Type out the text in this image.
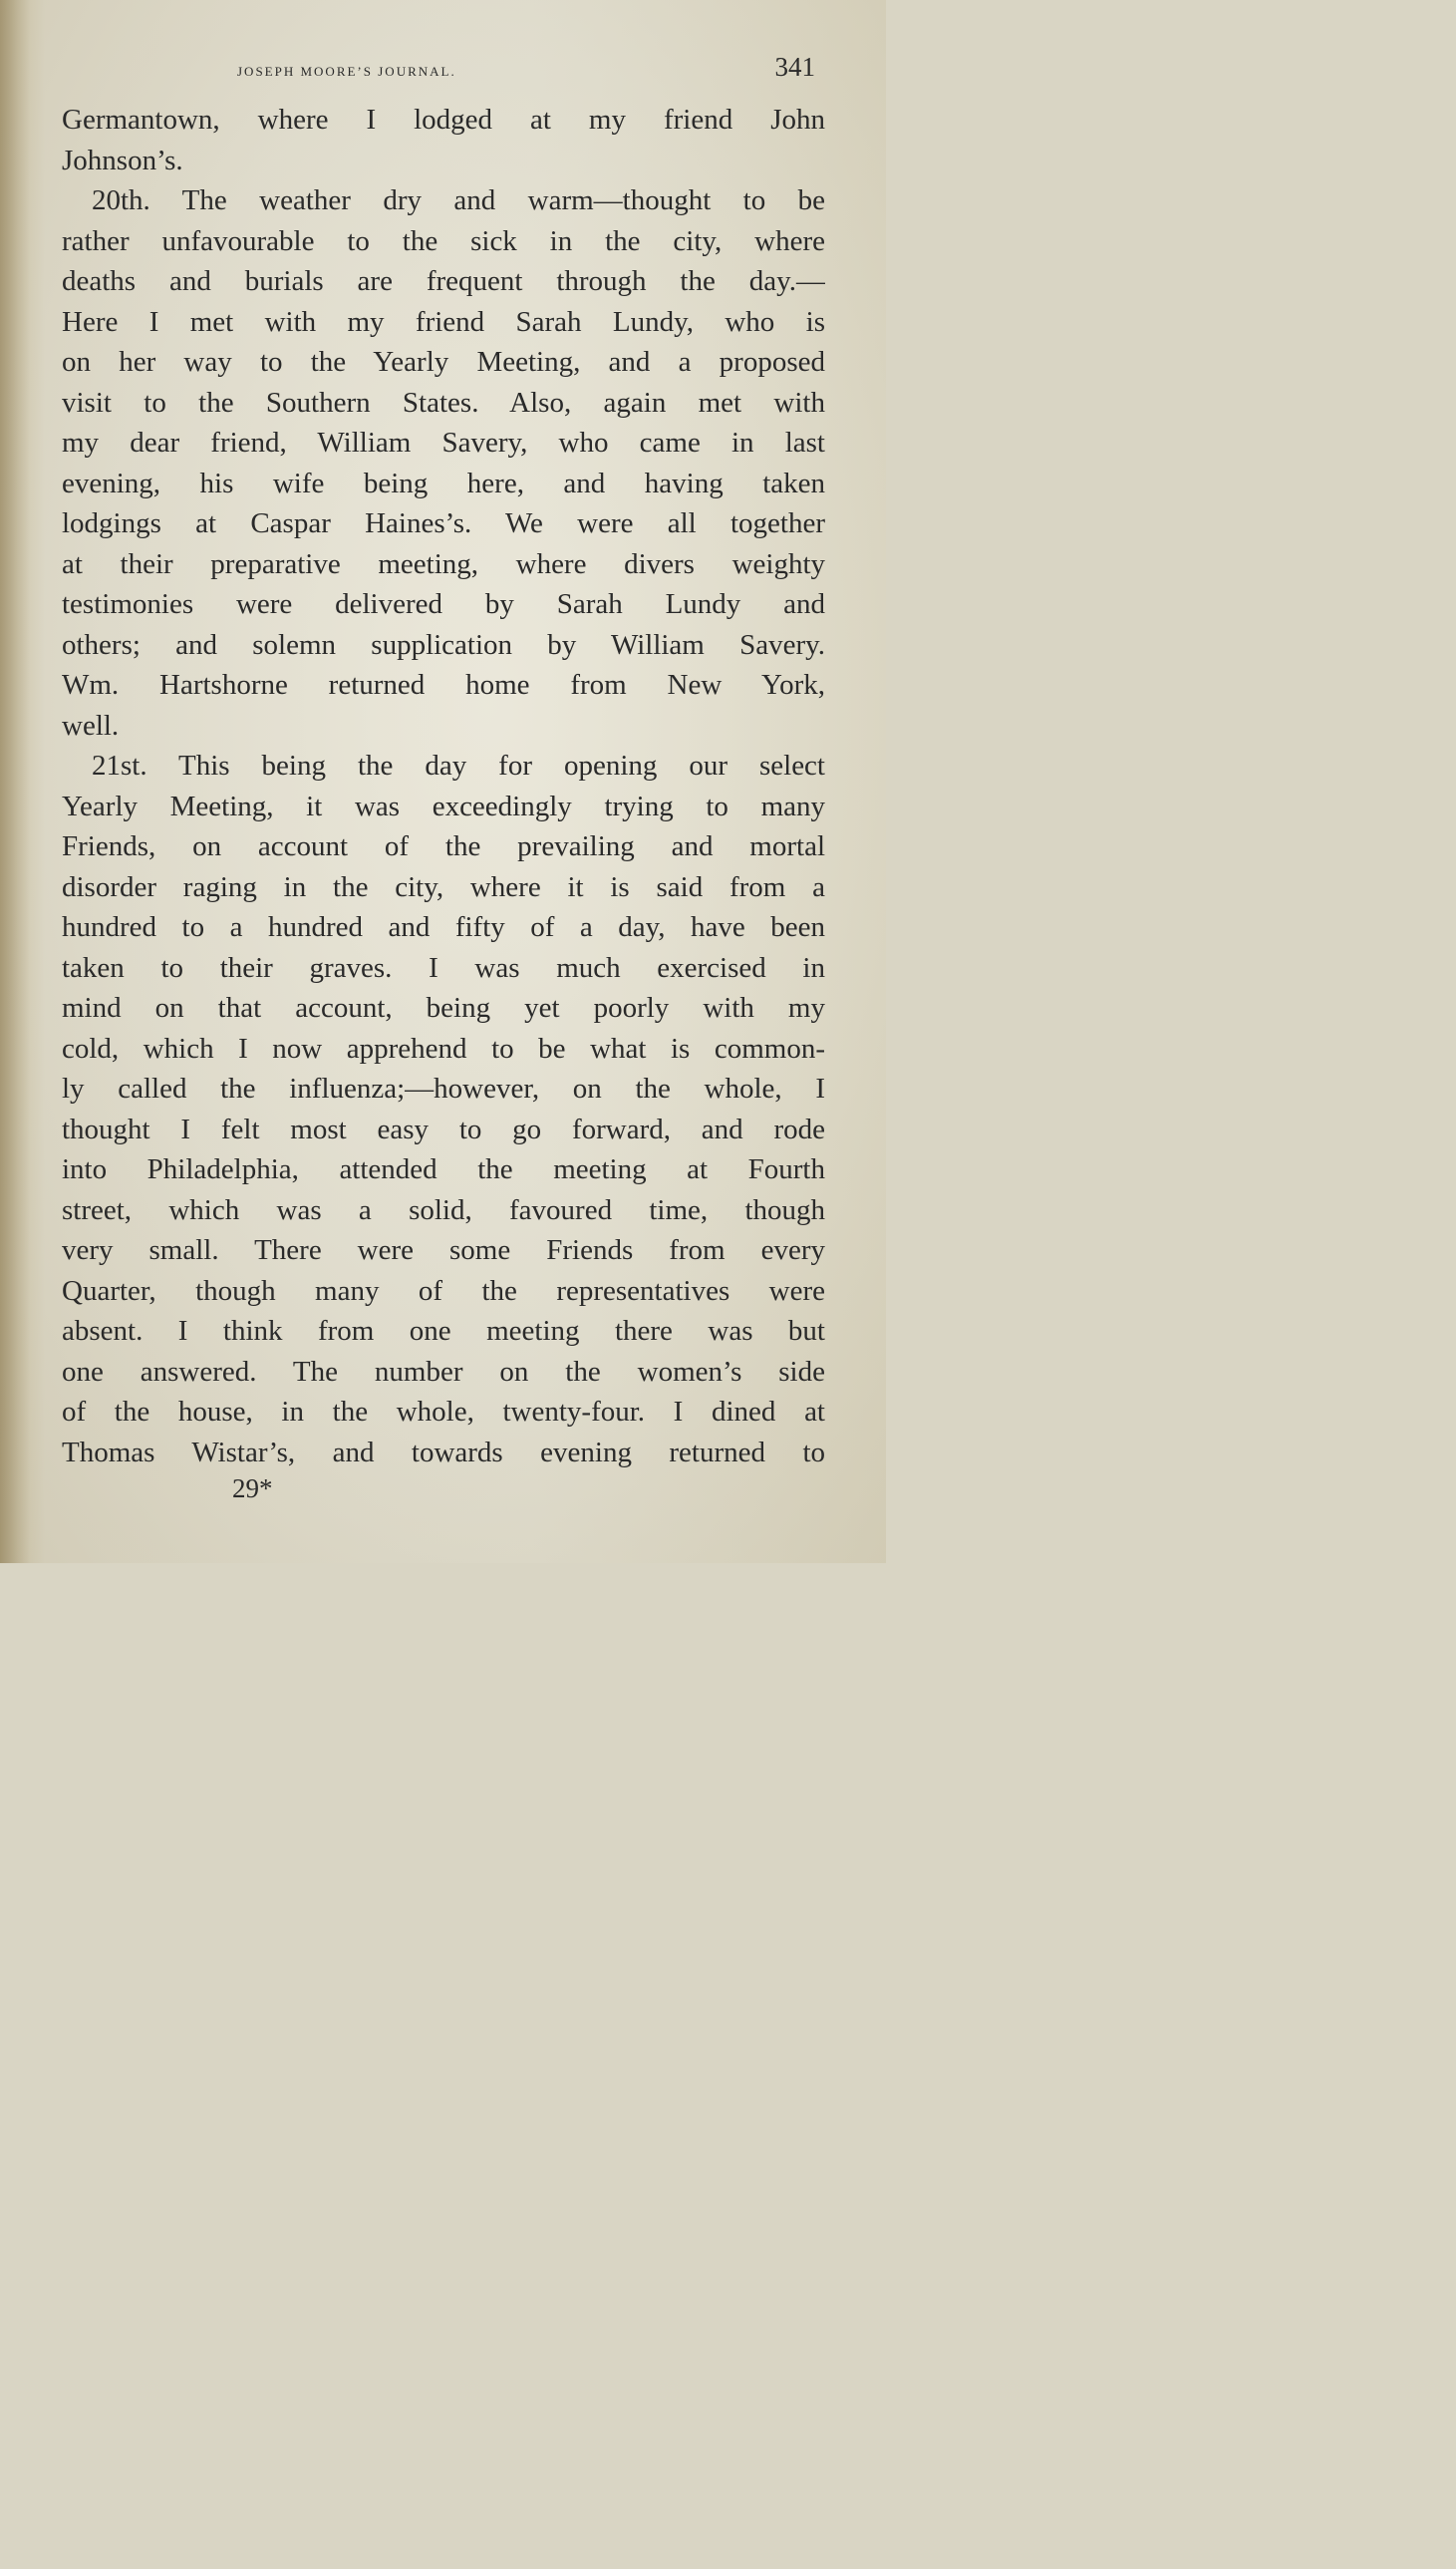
joseph moore’s journal.	341
Germantown, where I lodged at my friend John
Johnson’s.
20th. The weather dry and warm—thought to be
rather unfavourable to the sick in the city, where
deaths and burials are frequent through the day.—
Here I met with my friend Sarah Lundy, who is
on her way to the Yearly Meeting, and a proposed
visit to the Southern States. Also, again met with
my dear friend, William Savery, who came in last
evening, his wife being here, and having taken
lodgings at Caspar Haines’s. We were all together
at their preparative meeting, where divers weighty
testimonies were delivered by Sarah Lundy and
others; and solemn supplication by William Savery.
Wm. Hartshorne returned home from New York,
well.
21st. This being the day for opening our select
Yearly Meeting, it was exceedingly trying to many
Friends, on account of the prevailing and mortal
disorder raging in the city, where it is said from a
hundred to a hundred and fifty of a day, have been
taken to their graves. I was much exercised in
mind on that account, being yet poorly with my
cold, which I now apprehend to be what is common-
ly called the influenza;—however, on the whole, I
thought I felt most easy to go forward, and rode
into Philadelphia, attended the meeting at Fourth
street, which was a solid, favoured time, though
very small. There were some Friends from every
Quarter, though many of the representatives were
absent. I think from one meeting there was but
one answered. The number on the women’s side
of the house, in the whole, twenty-four. I dined at
Thomas Wistar’s, and towards evening returned to
29*
